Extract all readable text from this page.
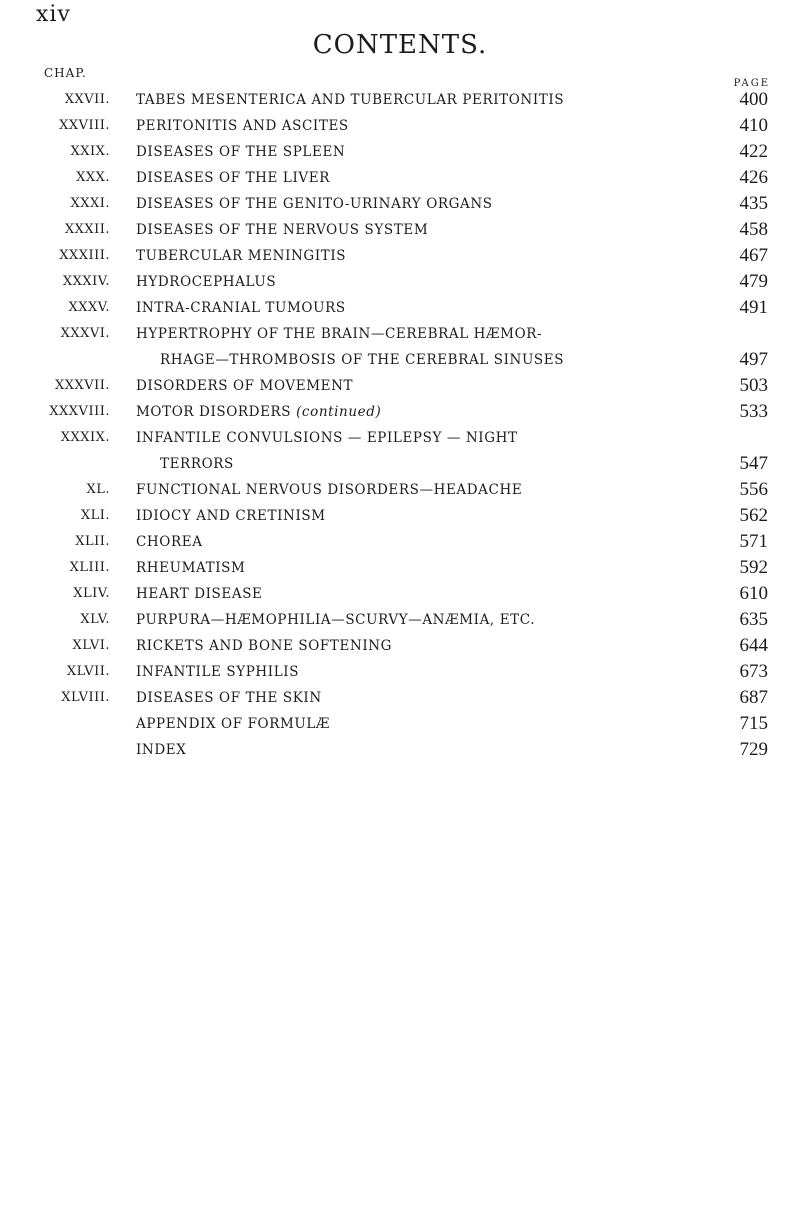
xiv
CONTENTS.
CHAP.
PAGE
XXVII. TABES MESENTERICA AND TUBERCULAR PERITONITIS	400
XXVIII. PERITONITIS AND ASCITES	410
XXIX. DISEASES OF THE SPLEEN	422
XXX. DISEASES OF THE LIVER	426
XXXI. DISEASES OF THE GENITO-URINARY ORGANS	435
XXXII. DISEASES OF THE NERVOUS SYSTEM	458
XXXIII. TUBERCULAR MENINGITIS	467
XXXIV. HYDROCEPHALUS	479
XXXV. INTRA-CRANIAL TUMOURS	491
XXXVI. HYPERTROPHY OF THE BRAIN—CEREBRAL HÆMOR-
RHAGE—THROMBOSIS OF THE CEREBRAL SINUSES	497
XXXVII. DISORDERS OF MOVEMENT	503
XXXVIII. MOTOR DISORDERS (continued)	533
XXXIX. INFANTILE CONVULSIONS — EPILEPSY — NIGHT
TERRORS	547
XL. FUNCTIONAL NERVOUS DISORDERS—HEADACHE	556
XLI. IDIOCY AND CRETINISM	562
XLII. CHOREA	571
XLIII. RHEUMATISM	592
XLIV. HEART DISEASE	610
XLV. PURPURA—HÆMOPHILIA—SCURVY—ANÆMIA, ETC.	635
XLVI. RICKETS AND BONE SOFTENING	644
XLVII. INFANTILE SYPHILIS	673
XLVIII. DISEASES OF THE SKIN	687
APPENDIX OF FORMULÆ	715
INDEX	729
